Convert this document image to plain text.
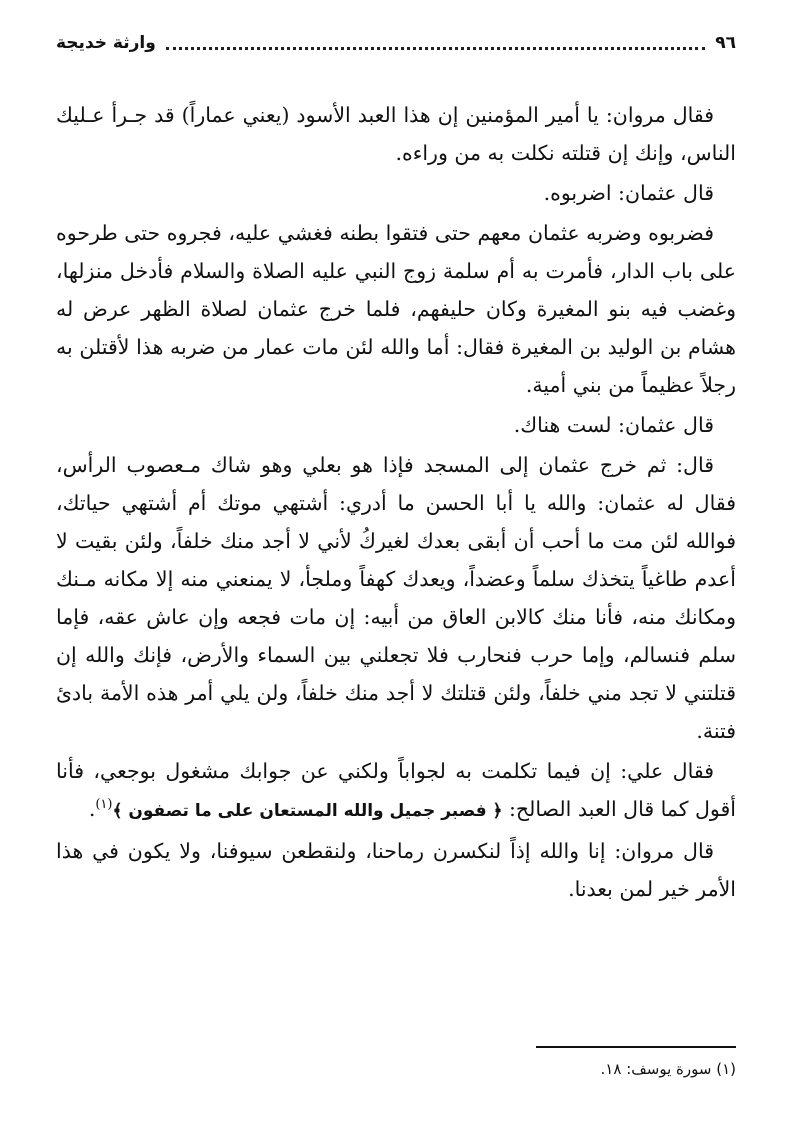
٩٦
وارثة خديجة

فقال مروان: يا أمير المؤمنين إن هذا العبد الأسود (يعني عماراً) قد جـرأ عـليك الناس، وإنك إن قتلته نكلت به من وراءه.

قال عثمان: اضربوه.

فضربوه وضربه عثمان معهم حتى فتقوا بطنه فغشي عليه، فجروه حتى طرحوه على باب الدار، فأمرت به أم سلمة زوج النبي عليه الصلاة والسلام فأدخل منزلها، وغضب فيه بنو المغيرة وكان حليفهم، فلما خرج عثمان لصلاة الظهر عرض له هشام بن الوليد بن المغيرة فقال: أما والله لئن مات عمار من ضربه هذا لأقتلن به رجلاً عظيماً من بني أمية.

قال عثمان: لست هناك.

قال: ثم خرج عثمان إلى المسجد فإذا هو بعلي وهو شاك مـعصوب الرأس، فقال له عثمان: والله يا أبا الحسن ما أدري: أشتهي موتك أم أشتهي حياتك، فوالله لئن مت ما أحب أن أبقى بعدك لغيركُ لأني لا أجد منك خلفاً، ولئن بقيت لا أعدم طاغياً يتخذك سلماً وعضداً، ويعدك كهفاً وملجأ، لا يمنعني منه إلا مكانه مـنك ومكانك منه، فأنا منك كالابن العاق من أبيه: إن مات فجعه وإن عاش عقه، فإما سلم فنسالم، وإما حرب فنحارب فلا تجعلني بين السماء والأرض، فإنك والله إن قتلتني لا تجد مني خلفاً، ولئن قتلتك لا أجد منك خلفاً، ولن يلي أمر هذه الأمة بادئ فتنة.

فقال علي: إن فيما تكلمت به لجواباً ولكني عن جوابك مشغول بوجعي، فأنا أقول كما قال العبد الصالح: ﴿ فصبر جميل والله المستعان على ما تصفون ﴾$^{(١)}$.

قال مروان: إنا والله إذاً لنكسرن رماحنا، ولنقطعن سيوفنا، ولا يكون في هذا الأمر خير لمن بعدنا.

(١) سورة يوسف: ١٨.
